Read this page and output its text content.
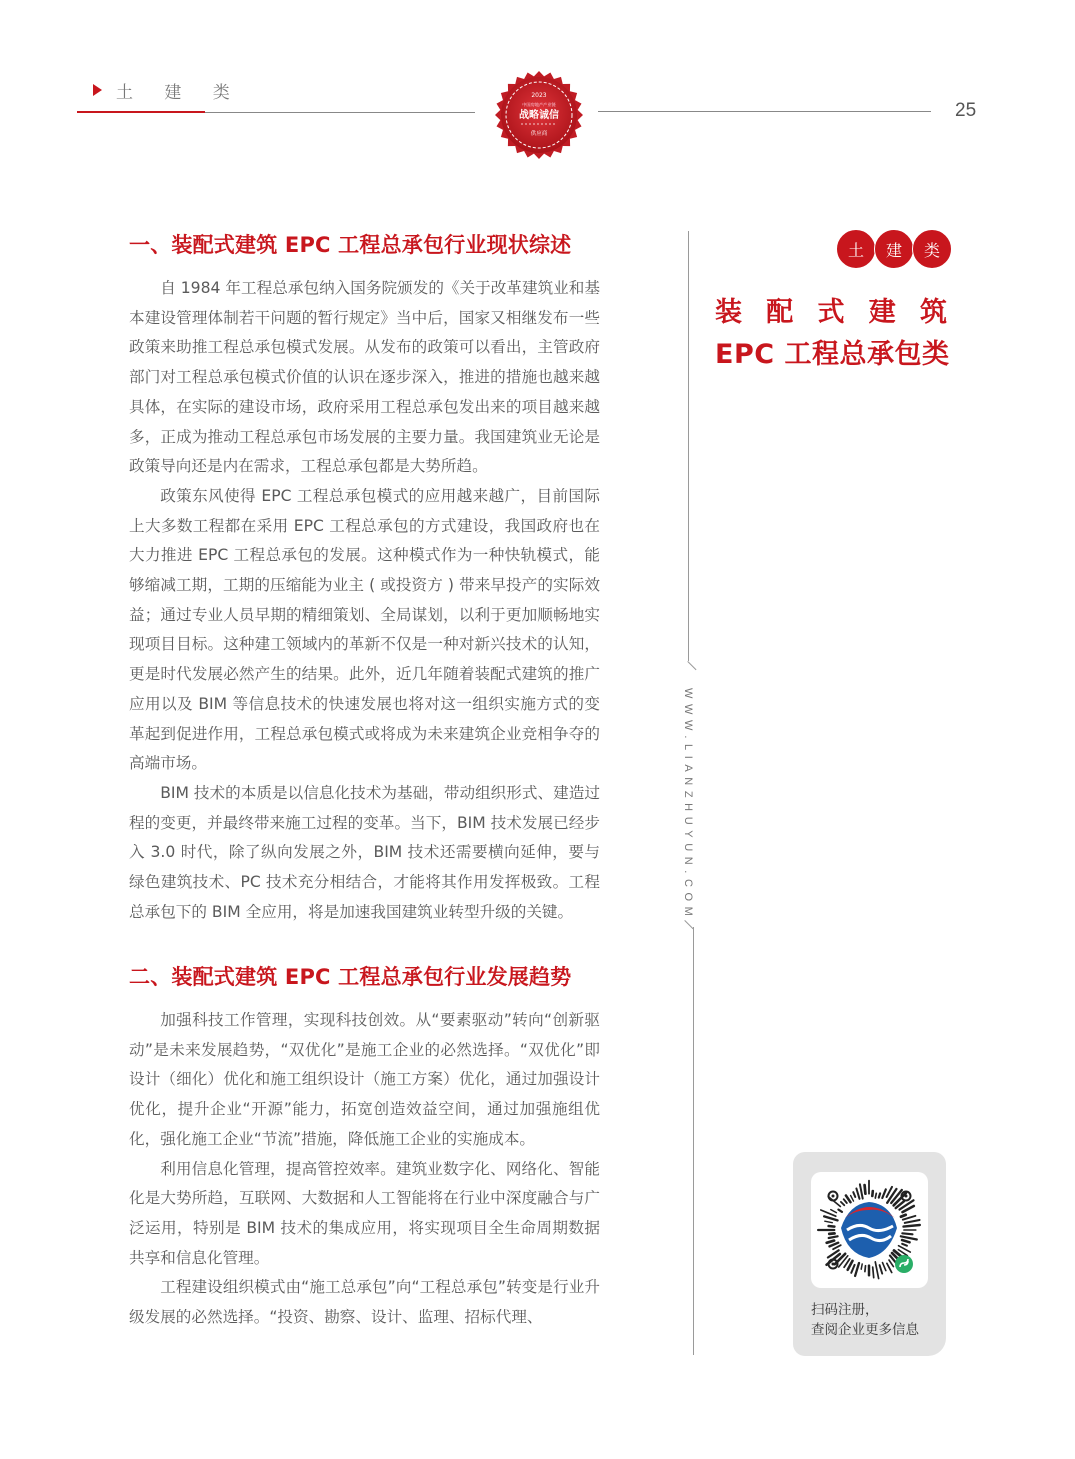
土 建 类
25
2023
中国房地产产业链
战略诚信
供应商
一、装配式建筑 EPC 工程总承包行业现状综述

自 1984 年工程总承包纳入国务院颁发的《关于改革建筑业和基本建设管理体制若干问题的暂行规定》当中后，国家又相继发布一些政策来助推工程总承包模式发展。从发布的政策可以看出，主管政府部门对工程总承包模式价值的认识在逐步深入，推进的措施也越来越具体，在实际的建设市场，政府采用工程总承包发出来的项目越来越多，正成为推动工程总承包市场发展的主要力量。我国建筑业无论是政策导向还是内在需求，工程总承包都是大势所趋。

政策东风使得 EPC 工程总承包模式的应用越来越广，目前国际上大多数工程都在采用 EPC 工程总承包的方式建设，我国政府也在大力推进 EPC 工程总承包的发展。这种模式作为一种快轨模式，能够缩减工期，工期的压缩能为业主 ( 或投资方 ) 带来早投产的实际效益；通过专业人员早期的精细策划、全局谋划，以利于更加顺畅地实现项目目标。这种建工领域内的革新不仅是一种对新兴技术的认知，更是时代发展必然产生的结果。此外，近几年随着装配式建筑的推广应用以及 BIM 等信息技术的快速发展也将对这一组织实施方式的变革起到促进作用，工程总承包模式或将成为未来建筑企业竞相争夺的高端市场。

BIM 技术的本质是以信息化技术为基础，带动组织形式、建造过程的变更，并最终带来施工过程的变革。当下，BIM 技术发展已经步入 3.0 时代，除了纵向发展之外，BIM 技术还需要横向延伸，要与绿色建筑技术、PC 技术充分相结合，才能将其作用发挥极致。工程总承包下的 BIM 全应用，将是加速我国建筑业转型升级的关键。

二、装配式建筑 EPC 工程总承包行业发展趋势

加强科技工作管理，实现科技创效。从“要素驱动”转向“创新驱动”是未来发展趋势，“双优化”是施工企业的必然选择。“双优化”即设计（细化）优化和施工组织设计（施工方案）优化，通过加强设计优化，提升企业“开源”能力，拓宽创造效益空间，通过加强施组优化，强化施工企业“节流”措施，降低施工企业的实施成本。

利用信息化管理，提高管控效率。建筑业数字化、网络化、智能化是大势所趋，互联网、大数据和人工智能将在行业中深度融合与广泛运用，特别是 BIM 技术的集成应用，将实现项目全生命周期数据共享和信息化管理。

工程建设组织模式由“施工总承包”向“工程总承包”转变是行业升级发展的必然选择。“投资、勘察、设计、监理、招标代理、

WWW.LIANZHUYUN.COM
土	建	类
装 配 式 建 筑
EPC 工程总承包类
扫码注册，
查阅企业更多信息
